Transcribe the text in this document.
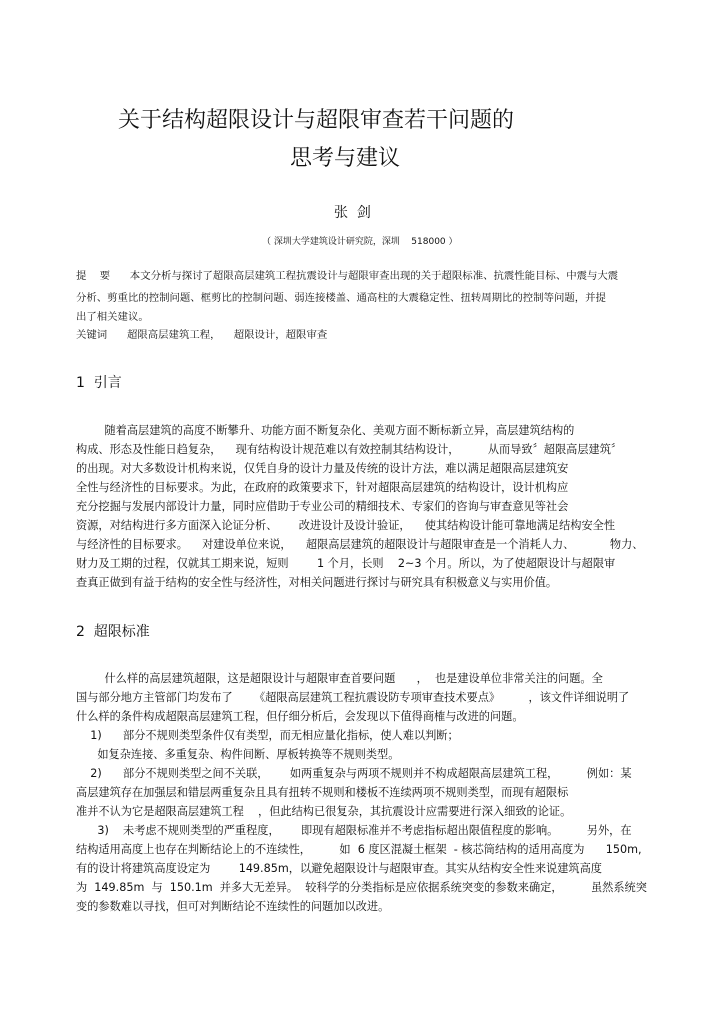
关于结构超限设计与超限审查若干问题的
思考与建议
张  剑
（ 深圳大学建筑设计研究院，深圳    518000 ）
提    要      本文分析与探讨了超限高层建筑工程抗震设计与超限审查出现的关于超限标准、抗震性能目标、中震与大震
分析、剪重比的控制问题、框剪比的控制问题、弱连接楼盖、通高柱的大震稳定性、扭转周期比的控制等问题，并提
出了相关建议。
关键词      超限高层建筑工程，    超限设计，超限审查
1  引言
随着高层建筑的高度不断攀升、功能方面不断复杂化、美观方面不断标新立异，高层建筑结构的
构成、形态及性能日趋复杂，    现有结构设计规范难以有效控制其结构设计，        从而导致〞超限高层建筑〞
的出现。对大多数设计机构来说，仅凭自身的设计力量及传统的设计方法，难以满足超限高层建筑安
全性与经济性的目标要求。为此，在政府的政策要求下，针对超限高层建筑的结构设计，设计机构应
充分挖掘与发展内部设计力量，同时应借助于专业公司的精细技术、专家们的咨询与审查意见等社会
资源，对结构进行多方面深入论证分析、      改进设计及设计验证，    使其结构设计能可靠地满足结构安全性
与经济性的目标要求。    对建设单位来说，    超限高层建筑的超限设计与超限审查是一个消耗人力、          物力、
财力及工期的过程，仅就其工期来说，短则        1 个月，长则    2~3 个月。所以，为了使超限设计与超限审
查真正做到有益于结构的安全性与经济性，对相关问题进行探讨与研究具有积极意义与实用价值。
2  超限标准
什么样的高层建筑超限，这是超限设计与超限审查首要问题      ，  也是建设单位非常关注的问题。全
国与部分地方主管部门均发布了      《超限高层建筑工程抗震设防专项审查技术要点》        ，该文件详细说明了
什么样的条件构成超限高层建筑工程，但仔细分析后，会发现以下值得商榷与改进的问题。
1)      部分不规则类型条件仅有类型，而无相应量化指标，使人难以判断；
如复杂连接、多重复杂、构件间断、厚板转换等不规则类型。
2)      部分不规则类型之间不关联，      如两重复杂与两项不规则并不构成超限高层建筑工程，        例如：某
高层建筑存在加强层和错层两重复杂且具有扭转不规则和楼板不连续两项不规则类型，而现有超限标
准并不认为它是超限高层建筑工程    ，但此结构已很复杂，其抗震设计应需要进行深入细致的论证。
3)    未考虑不规则类型的严重程度，      即现有超限标准并不考虑指标超出限值程度的影响。        另外，在
结构适用高度上也存在判断结论上的不连续性，        如  6 度区混凝土框架  - 核芯筒结构的适用高度为      150m,
有的设计将建筑高度设定为        149.85m，以避免超限设计与超限审查。其实从结构安全性来说建筑高度
为  149.85m  与  150.1m  并多大无差异。  较科学的分类指标是应依据系统突变的参数来确定，        虽然系统突
变的参数难以寻找，但可对判断结论不连续性的问题加以改进。
